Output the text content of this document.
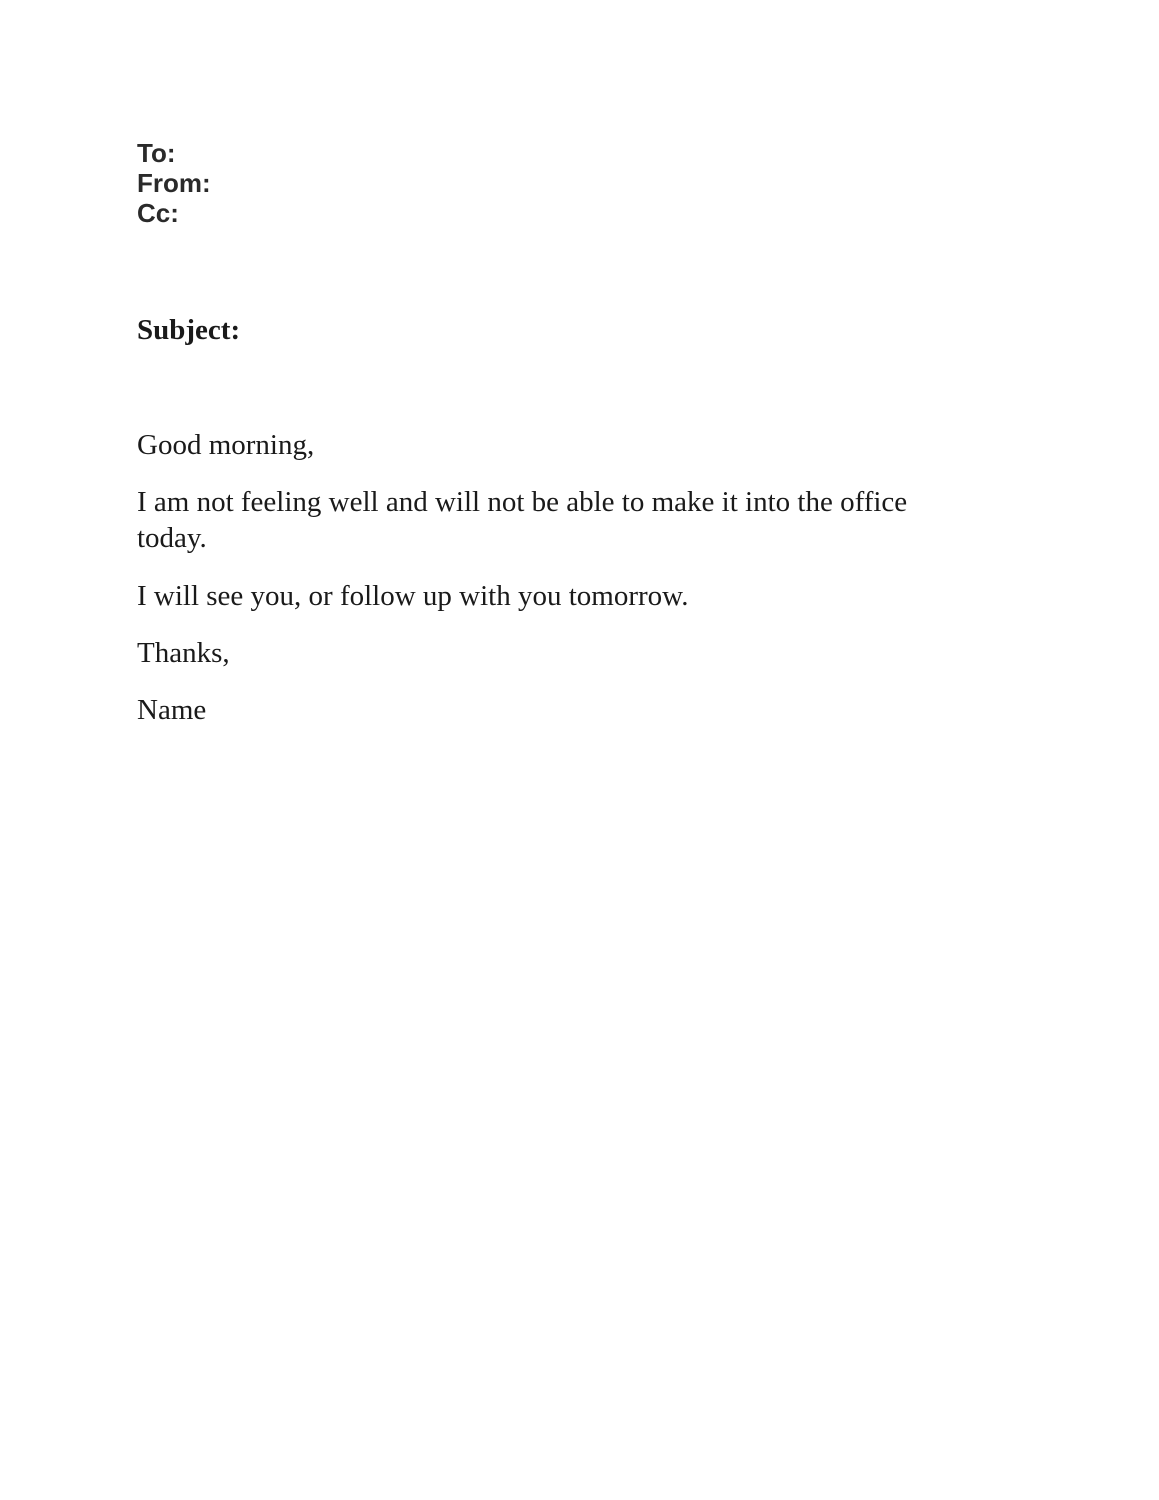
To:
From:
Cc:
Subject:
Good morning,
I am not feeling well and will not be able to make it into the office today.
I will see you, or follow up with you tomorrow.
Thanks,
Name
